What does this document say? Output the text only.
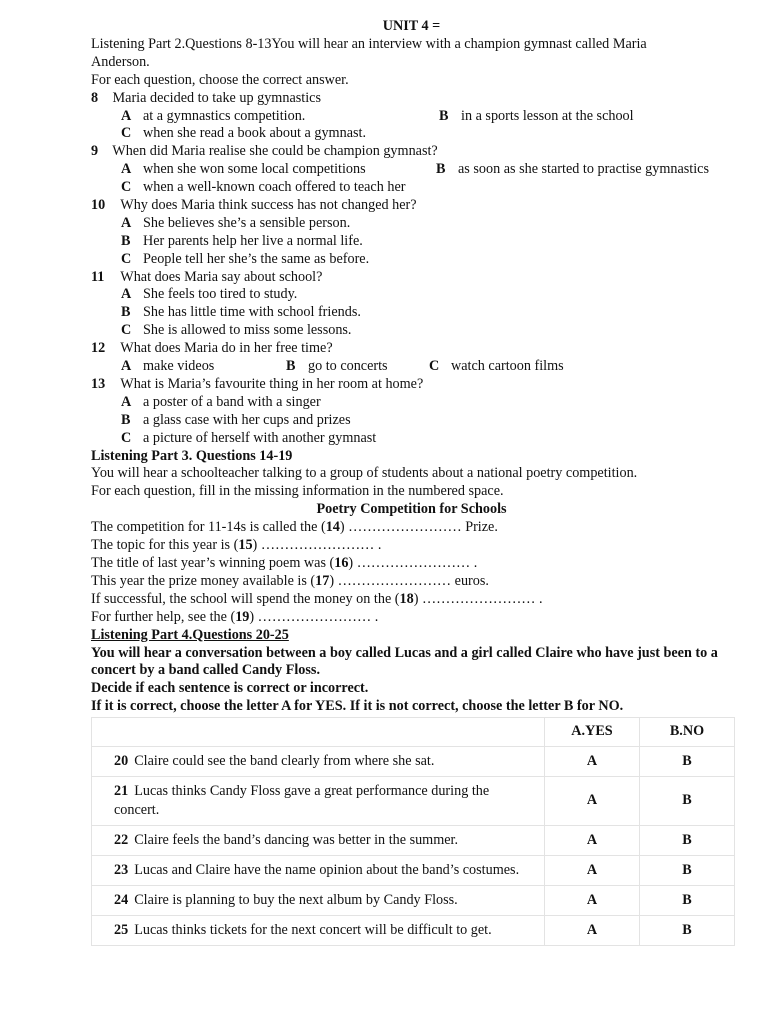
UNIT 4 =
Listening Part 2.Questions 8-13You will hear an interview with a champion gymnast called Maria
Anderson.
For each question, choose the correct answer.
8 Maria decided to take up gymnastics
A at a gymnastics competition.	B in a sports lesson at the school
C when she read a book about a gymnast.
9 When did Maria realise she could be champion gymnast?
A when she won some local competitions	B as soon as she started to practise gymnastics
C when a well-known coach offered to teach her
10 Why does Maria think success has not changed her?
A She believes she’s a sensible person.
B Her parents help her live a normal life.
C People tell her she’s the same as before.
11 What does Maria say about school?
A She feels too tired to study.
B She has little time with school friends.
C She is allowed to miss some lessons.
12 What does Maria do in her free time?
A make videos	B go to concerts	C watch cartoon films
13 What is Maria’s favourite thing in her room at home?
A a poster of a band with a singer
B a glass case with her cups and prizes
C a picture of herself with another gymnast
Listening Part 3. Questions 14-19
You will hear a schoolteacher talking to a group of students about a national poetry competition.
For each question, fill in the missing information in the numbered space.
Poetry Competition for Schools
The competition for 11-14s is called the (14) …………………… Prize.
The topic for this year is (15) …………………… .
The title of last year’s winning poem was (16) …………………… .
This year the prize money available is (17) …………………… euros.
If successful, the school will spend the money on the (18) …………………… .
For further help, see the (19) …………………… .
Listening Part 4.Questions 20-25
You will hear a conversation between a boy called Lucas and a girl called Claire who have just been to a concert by a band called Candy Floss.
Decide if each sentence is correct or incorrect.
If it is correct, choose the letter A for YES. If it is not correct, choose the letter B for NO.
	A.YES	B.NO
20 Claire could see the band clearly from where she sat.	A	B
21 Lucas thinks Candy Floss gave a great performance during the concert.	A	B
22 Claire feels the band’s dancing was better in the summer.	A	B
23 Lucas and Claire have the name opinion about the band’s costumes.	A	B
24 Claire is planning to buy the next album by Candy Floss.	A	B
25 Lucas thinks tickets for the next concert will be difficult to get.	A	B
